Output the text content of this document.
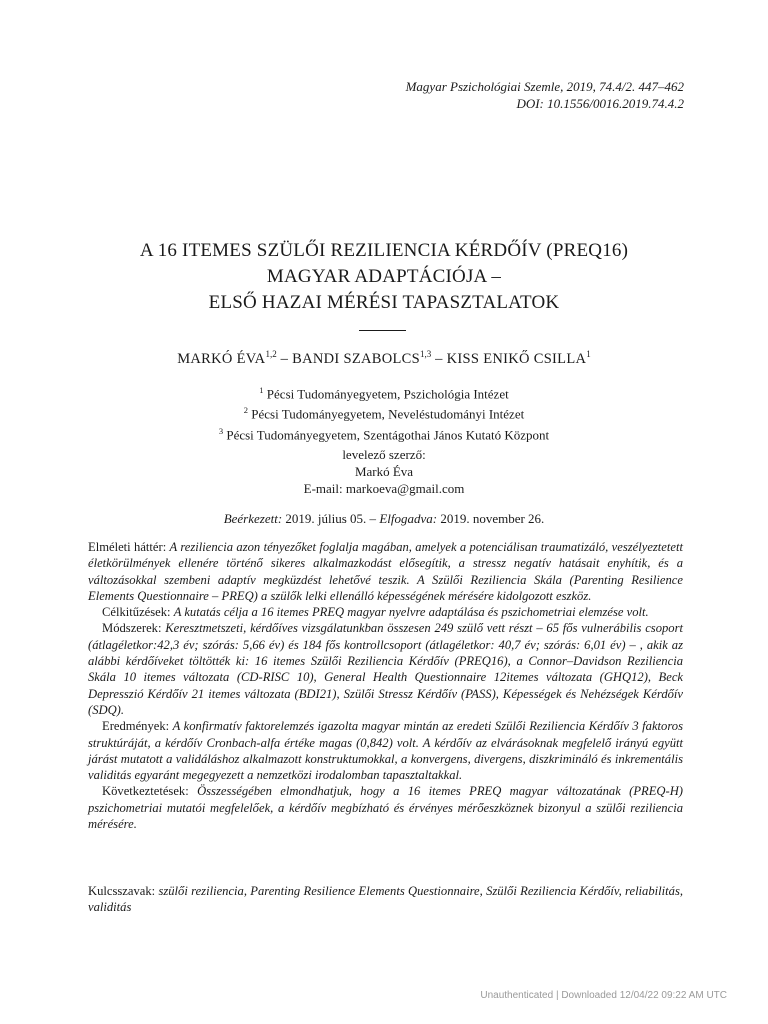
Magyar Pszichológiai Szemle, 2019, 74.4/2. 447–462
DOI: 10.1556/0016.2019.74.4.2
A 16 ITEMES SZÜLŐI REZILIENCIA KÉRDŐÍV (PREQ16)
MAGYAR ADAPTÁCIÓJA –
ELSŐ HAZAI MÉRÉSI TAPASZTALATOK
MARKÓ ÉVA$^{1,2}$ – BANDI SZABOLCS$^{1,3}$ – KISS ENIKŐ CSILLA$^1$
$^1$ Pécsi Tudományegyetem, Pszichológia Intézet
$^2$ Pécsi Tudományegyetem, Neveléstudományi Intézet
$^3$ Pécsi Tudományegyetem, Szentágothai János Kutató Központ
levelező szerző:
Markó Éva
E-mail: markoeva@gmail.com
Beérkezett: 2019. július 05. – Elfogadva: 2019. november 26.

Elméleti háttér: A reziliencia azon tényezőket foglalja magában, amelyek a potenciálisan traumatizáló, veszélyeztetett életkörülmények ellenére történő sikeres alkalmazkodást elősegítik, a stressz negatív hatásait enyhítik, és a változásokkal szembeni adaptív megküzdést lehetővé teszik. A Szülői Reziliencia Skála (Parenting Resilience Elements Questionnaire – PREQ) a szülők lelki ellenálló képességének mérésére kidolgozott eszköz.

Célkitűzések: A kutatás célja a 16 itemes PREQ magyar nyelvre adaptálása és pszichometriai elemzése volt.

Módszerek: Keresztmetszeti, kérdőíves vizsgálatunkban összesen 249 szülő vett részt – 65 fős vulnerábilis csoport (átlagéletkor:42,3 év; szórás: 5,66 év) és 184 fős kontrollcsoport (átlagéletkor: 40,7 év; szórás: 6,01 év) – , akik az alábbi kérdőíveket töltötték ki: 16 itemes Szülői Reziliencia Kérdőív (PREQ16), a Connor–Davidson Reziliencia Skála 10 itemes változata (CD-RISC 10), General Health Questionnaire 12itemes változata (GHQ12), Beck Depresszió Kérdőív 21 itemes változata (BDI21), Szülői Stressz Kérdőív (PASS), Képességek és Nehézségek Kérdőív (SDQ).

Eredmények: A konfirmatív faktorelemzés igazolta magyar mintán az eredeti Szülői Reziliencia Kérdőív 3 faktoros struktúráját, a kérdőív Cronbach-alfa értéke magas (0,842) volt. A kérdőív az elvárásoknak megfelelő irányú együtt járást mutatott a validáláshoz alkalmazott konstruktumokkal, a konvergens, divergens, diszkrimináló és inkrementális validitás egyaránt megegyezett a nemzetközi irodalomban tapasztaltakkal.

Következtetések: Összességében elmondhatjuk, hogy a 16 itemes PREQ magyar változatának (PREQ-H) pszichometriai mutatói megfelelőek, a kérdőív megbízható és érvényes mérőeszköznek bizonyul a szülői reziliencia mérésére.

Kulcsszavak: szülői reziliencia, Parenting Resilience Elements Questionnaire, Szülői Reziliencia Kérdőív, reliabilitás, validitás
Unauthenticated | Downloaded 12/04/22 09:22 AM UTC
